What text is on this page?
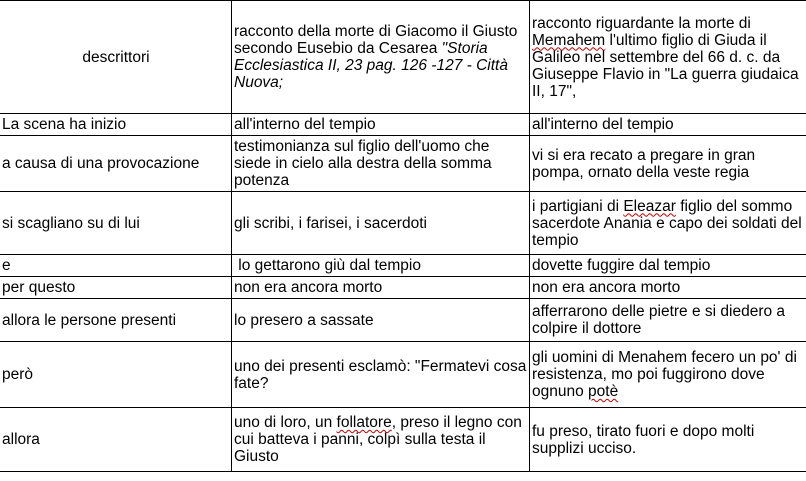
descrittori	racconto della morte di Giacomo il Giusto secondo Eusebio da Cesarea "Storia Ecclesiastica II, 23 pag. 126 -127 - Città Nuova;	racconto riguardante la morte di Memahem l'ultimo figlio di Giuda il Galileo nel settembre del 66 d. c. da Giuseppe Flavio in "La guerra giudaica II, 17",
La scena ha inizio	all'interno del tempio	all'interno del tempio
a causa di una provocazione	testimonianza sul figlio dell'uomo che siede in cielo alla destra della somma potenza	vi si era recato a pregare in gran pompa, ornato della veste regia
si scagliano su di lui	gli scribi, i farisei, i sacerdoti	i partigiani di Eleazar figlio del sommo sacerdote Anania e capo dei soldati del tempio
e	lo gettarono giù dal tempio	dovette fuggire dal tempio
per questo	non era ancora morto	non era ancora morto
allora le persone presenti	lo presero a sassate	afferrarono delle pietre e si diedero a colpire il dottore
però	uno dei presenti esclamò: "Fermatevi cosa fate?	gli uomini di Menahem fecero un po' di resistenza, mo poi fuggirono dove ognuno potè
allora	uno di loro, un follatore, preso il legno con cui batteva i panni, colpì sulla testa il Giusto	fu preso, tirato fuori e dopo molti supplizi ucciso.
